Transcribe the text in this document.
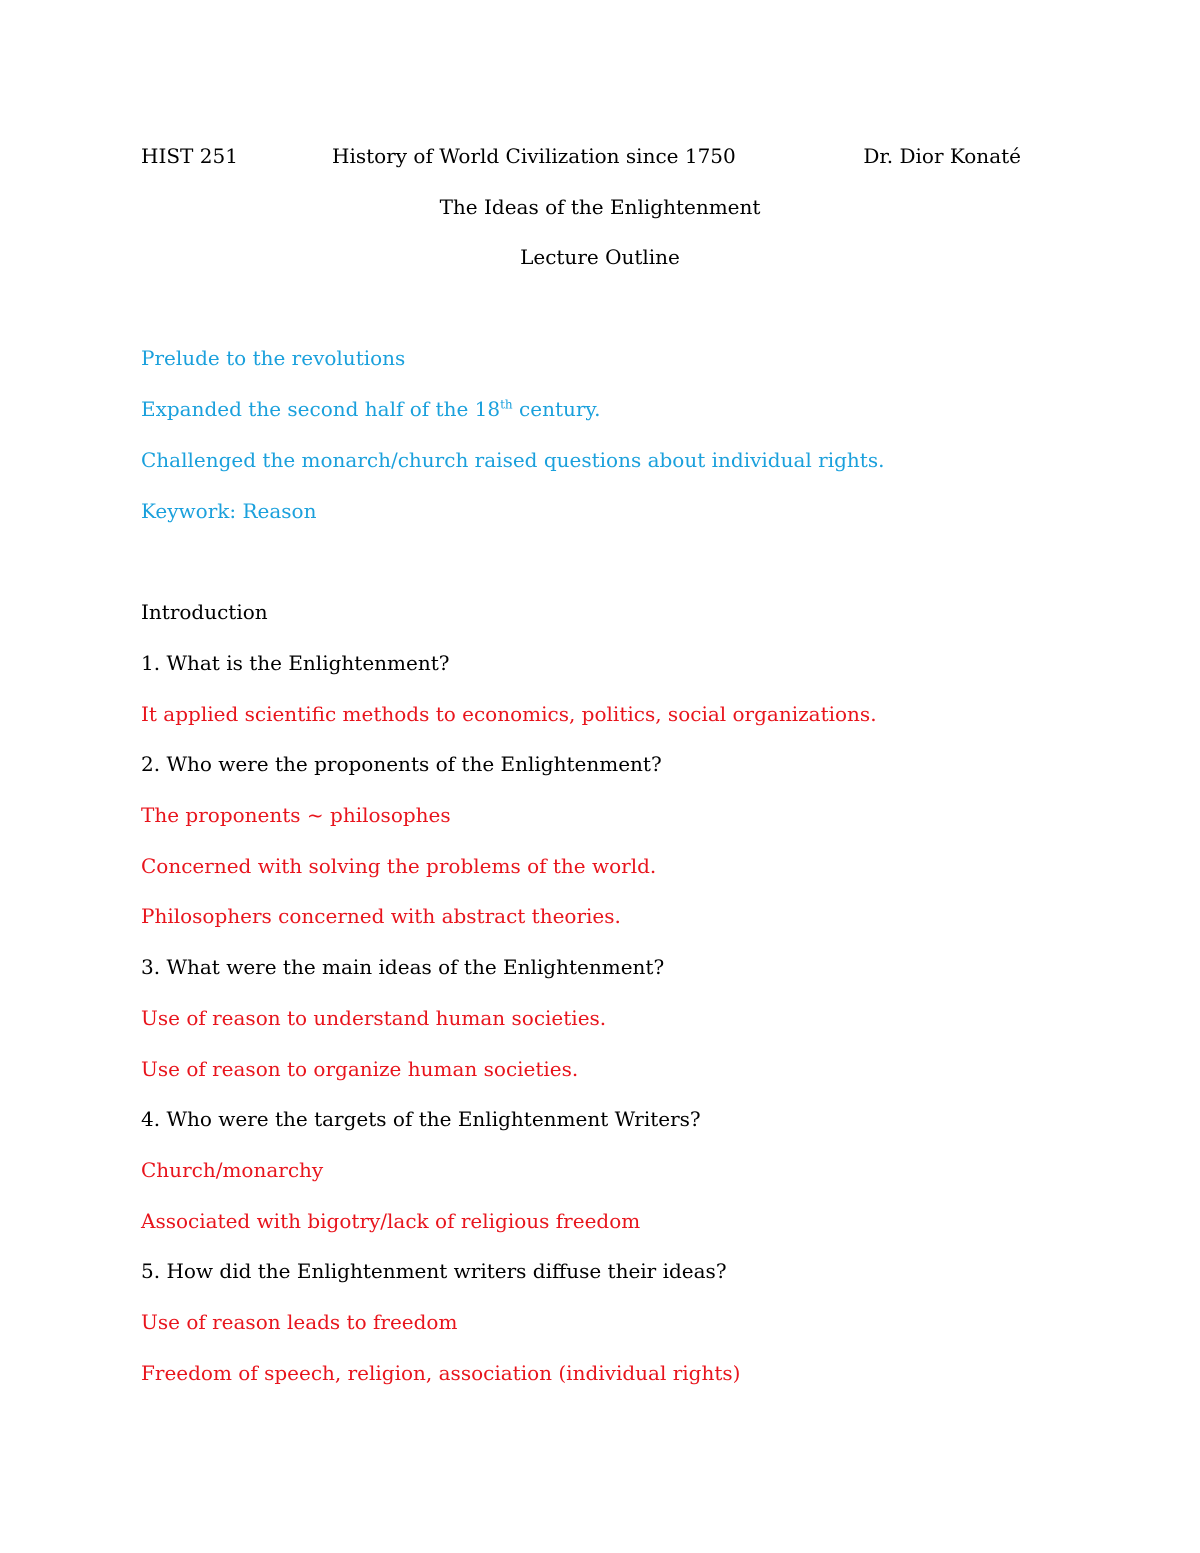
HIST 251	History of World Civilization since 1750	Dr. Dior Konaté
The Ideas of the Enlightenment
Lecture Outline
Prelude to the revolutions
Expanded the second half of the 18th century.
Challenged the monarch/church raised questions about individual rights.
Keywork: Reason
Introduction
1. What is the Enlightenment?
It applied scientific methods to economics, politics, social organizations.
2. Who were the proponents of the Enlightenment?
The proponents ~ philosophes
Concerned with solving the problems of the world.
Philosophers concerned with abstract theories.
3. What were the main ideas of the Enlightenment?
Use of reason to understand human societies.
Use of reason to organize human societies.
4. Who were the targets of the Enlightenment Writers?
Church/monarchy
Associated with bigotry/lack of religious freedom
5. How did the Enlightenment writers diffuse their ideas?
Use of reason leads to freedom
Freedom of speech, religion, association (individual rights)
